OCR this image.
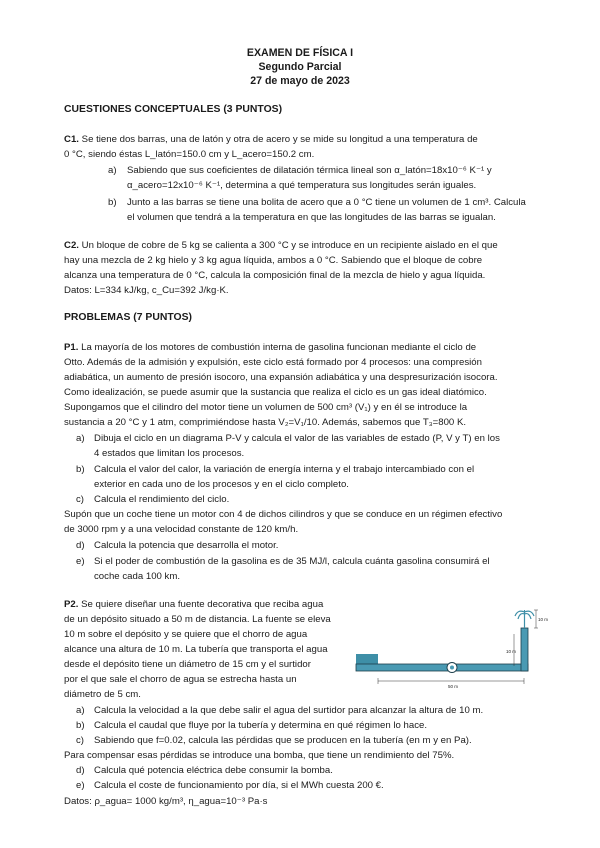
EXAMEN DE FÍSICA I
Segundo Parcial
27 de mayo de 2023
CUESTIONES CONCEPTUALES (3 PUNTOS)
C1. Se tiene dos barras, una de latón y otra de acero y se mide su longitud a una temperatura de
0 °C, siendo éstas L_latón=150.0 cm y L_acero=150.2 cm.
a) Sabiendo que sus coeficientes de dilatación térmica lineal son α_latón=18x10⁻⁶ K⁻¹ y
α_acero=12x10⁻⁶ K⁻¹, determina a qué temperatura sus longitudes serán iguales.
b) Junto a las barras se tiene una bolita de acero que a 0 °C tiene un volumen de 1 cm³. Calcula
el volumen que tendrá a la temperatura en que las longitudes de las barras se igualan.
C2. Un bloque de cobre de 5 kg se calienta a 300 °C y se introduce en un recipiente aislado en el que
hay una mezcla de 2 kg hielo y 3 kg agua líquida, ambos a 0 °C. Sabiendo que el bloque de cobre
alcanza una temperatura de 0 °C, calcula la composición final de la mezcla de hielo y agua líquida.
Datos: L=334 kJ/kg, c_Cu=392 J/kg·K.
PROBLEMAS (7 PUNTOS)
P1. La mayoría de los motores de combustión interna de gasolina funcionan mediante el ciclo de
Otto. Además de la admisión y expulsión, este ciclo está formado por 4 procesos: una compresión
adiabática, un aumento de presión isocoro, una expansión adiabática y una despresurización isocora.
Como idealización, se puede asumir que la sustancia que realiza el ciclo es un gas ideal diatómico.
Supongamos que el cilindro del motor tiene un volumen de 500 cm³ (V₁) y en él se introduce la
sustancia a 20 °C y 1 atm, comprimiéndose hasta V₂=V₁/10. Además, sabemos que T₃=800 K.
a) Dibuja el ciclo en un diagrama P-V y calcula el valor de las variables de estado (P, V y T) en los
4 estados que limitan los procesos.
b) Calcula el valor del calor, la variación de energía interna y el trabajo intercambiado con el
exterior en cada uno de los procesos y en el ciclo completo.
c) Calcula el rendimiento del ciclo.
Supón que un coche tiene un motor con 4 de dichos cilindros y que se conduce en un régimen efectivo
de 3000 rpm y a una velocidad constante de 120 km/h.
d) Calcula la potencia que desarrolla el motor.
e) Si el poder de combustión de la gasolina es de 35 MJ/l, calcula cuánta gasolina consumirá el
coche cada 100 km.
P2. Se quiere diseñar una fuente decorativa que reciba agua
de un depósito situado a 50 m de distancia. La fuente se eleva
10 m sobre el depósito y se quiere que el chorro de agua
alcance una altura de 10 m. La tubería que transporta el agua
desde el depósito tiene un diámetro de 15 cm y el surtidor
por el que sale el chorro de agua se estrecha hasta un
diámetro de 5 cm.
a) Calcula la velocidad a la que debe salir el agua del surtidor para alcanzar la altura de 10 m.
b) Calcula el caudal que fluye por la tubería y determina en qué régimen lo hace.
c) Sabiendo que f=0.02, calcula las pérdidas que se producen en la tubería (en m y en Pa).
Para compensar esas pérdidas se introduce una bomba, que tiene un rendimiento del 75%.
d) Calcula qué potencia eléctrica debe consumir la bomba.
e) Calcula el coste de funcionamiento por día, si el MWh cuesta 200 €.
Datos: ρ_agua= 1000 kg/m³, η_agua=10⁻³ Pa·s
10 m
10 m
50 m
